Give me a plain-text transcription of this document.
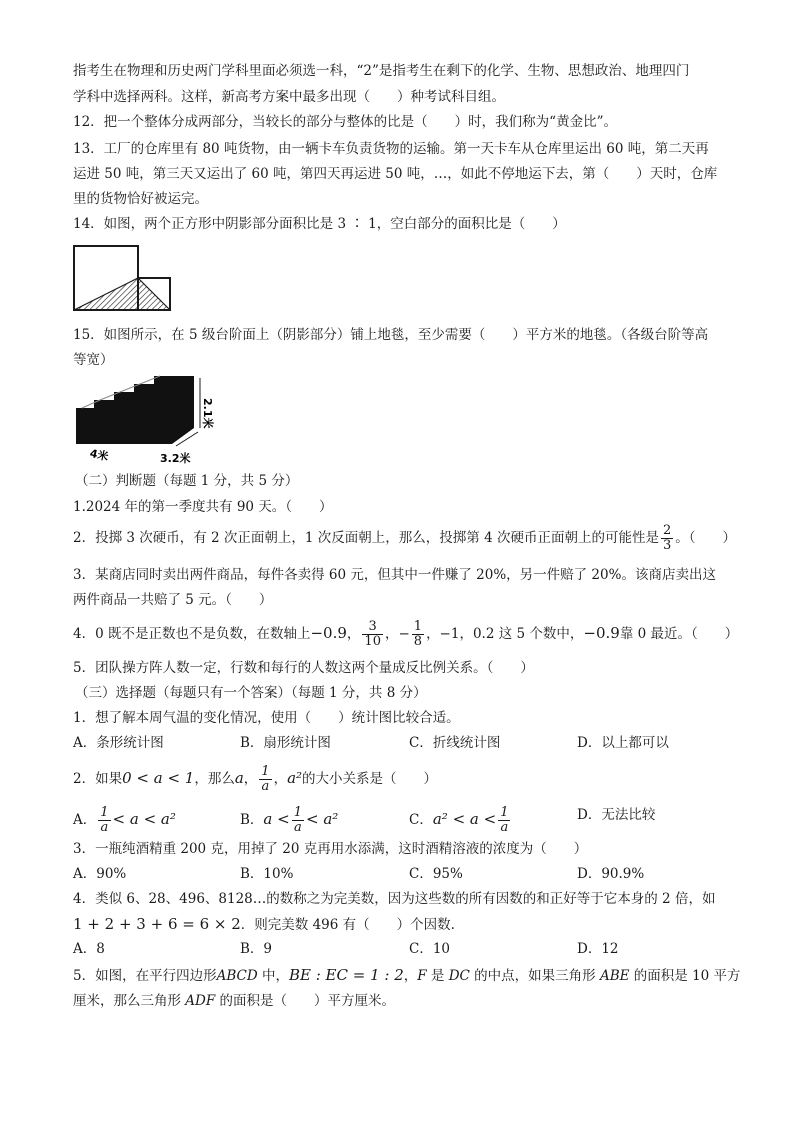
指考生在物理和历史两门学科里面必须选一科，“2”是指考生在剩下的化学、生物、思想政治、地理四门
学科中选择两科。这样，新高考方案中最多出现（　　）种考试科目组。
12．把一个整体分成两部分，当较长的部分与整体的比是（　　）时，我们称为“黄金比”。
13．工厂的仓库里有 80 吨货物，由一辆卡车负责货物的运输。第一天卡车从仓库里运出 60 吨，第二天再
运进 50 吨，第三天又运出了 60 吨，第四天再运进 50 吨，…，如此不停地运下去，第（　　）天时，仓库
里的货物恰好被运完。
14．如图，两个正方形中阴影部分面积比是 3 ∶ 1，空白部分的面积比是（　　）
15．如图所示，在 5 级台阶面上（阴影部分）铺上地毯，至少需要（　　）平方米的地毯。（各级台阶等高
等宽）
2.1米
4米	3.2米
（二）判断题（每题 1 分，共 5 分）
1.2024 年的第一季度共有 90 天。（　　）
2．投掷 3 次硬币，有 2 次正面朝上，1 次反面朝上，那么，投掷第 4 次硬币正面朝上的可能性是 $\frac{2}{3}$ 。（　　）
3．某商店同时卖出两件商品，每件各卖得 60 元，但其中一件赚了 20%，另一件赔了 20%。该商店卖出这
两件商品一共赔了 5 元。（　　）
4．0 既不是正数也不是负数，在数轴上−0.9， $\frac{3}{10}$ ，− $\frac{1}{8}$ ，−1，0.2 这 5 个数中，−0.9靠 0 最近。（　　）
5．团队操方阵人数一定，行数和每行的人数这两个量成反比例关系。（　　）
（三）选择题（每题只有一个答案）（每题 1 分，共 8 分）
1．想了解本周气温的变化情况，使用（　　）统计图比较合适。
A．条形统计图	B．扇形统计图	C．折线统计图	D．以上都可以
2．如果0 < a < 1，那么a， $\frac{1}{a}$ ，a²的大小关系是（　　）
A． $\frac{1}{a} < a < a^2$	B．$a < \frac{1}{a} < a^2$	C．$a^2 < a < \frac{1}{a}$	D．无法比较
3．一瓶纯酒精重 200 克，用掉了 20 克再用水添满，这时酒精溶液的浓度为（　　）
A．90%	B．10%	C．95%	D．90.9%
4．类似 6、28、496、8128…的数称之为完美数，因为这些数的所有因数的和正好等于它本身的 2 倍，如
1 + 2 + 3 + 6 = 6 × 2．则完美数 496 有（　　）个因数.
A．8	B．9	C．10	D．12
5．如图，在平行四边形ABCD 中，BE : EC = 1 : 2，F 是 DC 的中点，如果三角形 ABE 的面积是 10 平方
厘米，那么三角形 ADF 的面积是（　　）平方厘米。
